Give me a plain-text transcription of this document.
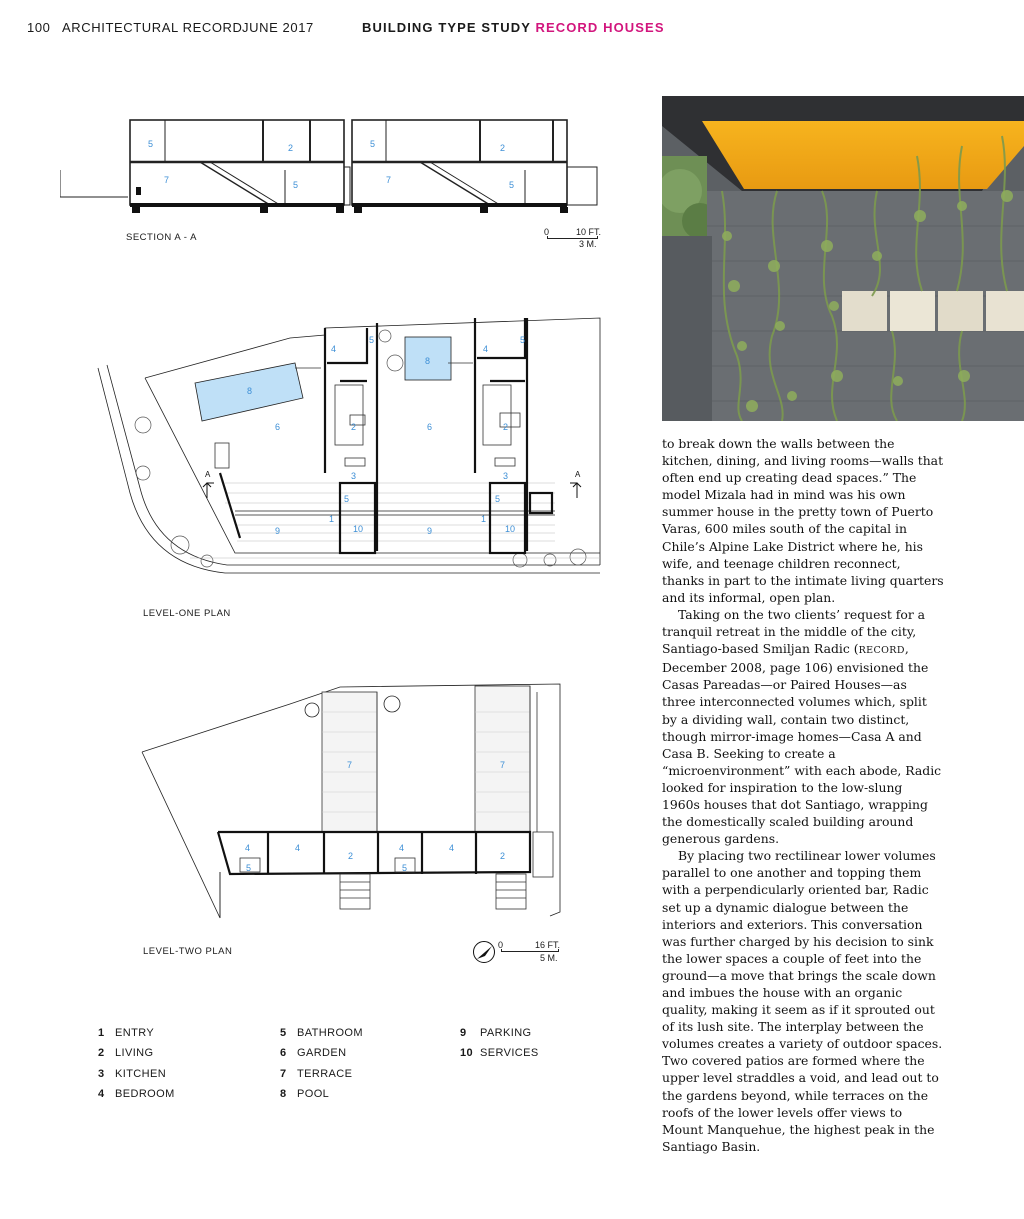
100 ARCHITECTURAL RECORD JUNE 2017	BUILDING TYPE STUDY RECORD HOUSES
5	2
7	5
5	2
7	5
SECTION A - A	0	10 FT.
3 M.
A	A
8
6
9
4
5
2
3
5
1
10
8
6
9
4
5
2
3
5
1
10
LEVEL-ONE PLAN
7
4	4
5
2
7
4	4
5
2
LEVEL-TWO PLAN
0	16 FT.
5 M.
1 ENTRY
2 LIVING
3 KITCHEN
4 BEDROOM
5 BATHROOM
6 GARDEN
7 TERRACE
8 POOL
9 PARKING
10 SERVICES

to break down the walls between the kitchen, dining, and living rooms—walls that often end up creating dead spaces.” The model Mizala had in mind was his own summer house in the pretty town of Puerto Varas, 600 miles south of the capital in Chile’s Alpine Lake District where he, his wife, and teenage children reconnect, thanks in part to the intimate living quarters and its informal, open plan.

Taking on the two clients’ request for a tranquil retreat in the middle of the city, Santiago-based Smiljan Radic (RECORD, December 2008, page 106) envisioned the Casas Pareadas—or Paired Houses—as three interconnected volumes which, split by a dividing wall, contain two distinct, though mirror-image homes—Casa A and Casa B. Seeking to create a “microenvironment” with each abode, Radic looked for inspiration to the low-slung 1960s houses that dot Santiago, wrapping the domestically scaled building around generous gardens.

By placing two rectilinear lower volumes parallel to one another and topping them with a perpendicularly oriented bar, Radic set up a dynamic dialogue between the interiors and exteriors. This conversation was further charged by his decision to sink the lower spaces a couple of feet into the ground—a move that brings the scale down and imbues the house with an organic quality, making it seem as if it sprouted out of its lush site. The interplay between the volumes creates a variety of outdoor spaces. Two covered patios are formed where the upper level straddles a void, and lead out to the gardens beyond, while terraces on the roofs of the lower levels offer views to Mount Manquehue, the highest peak in the Santiago Basin.
